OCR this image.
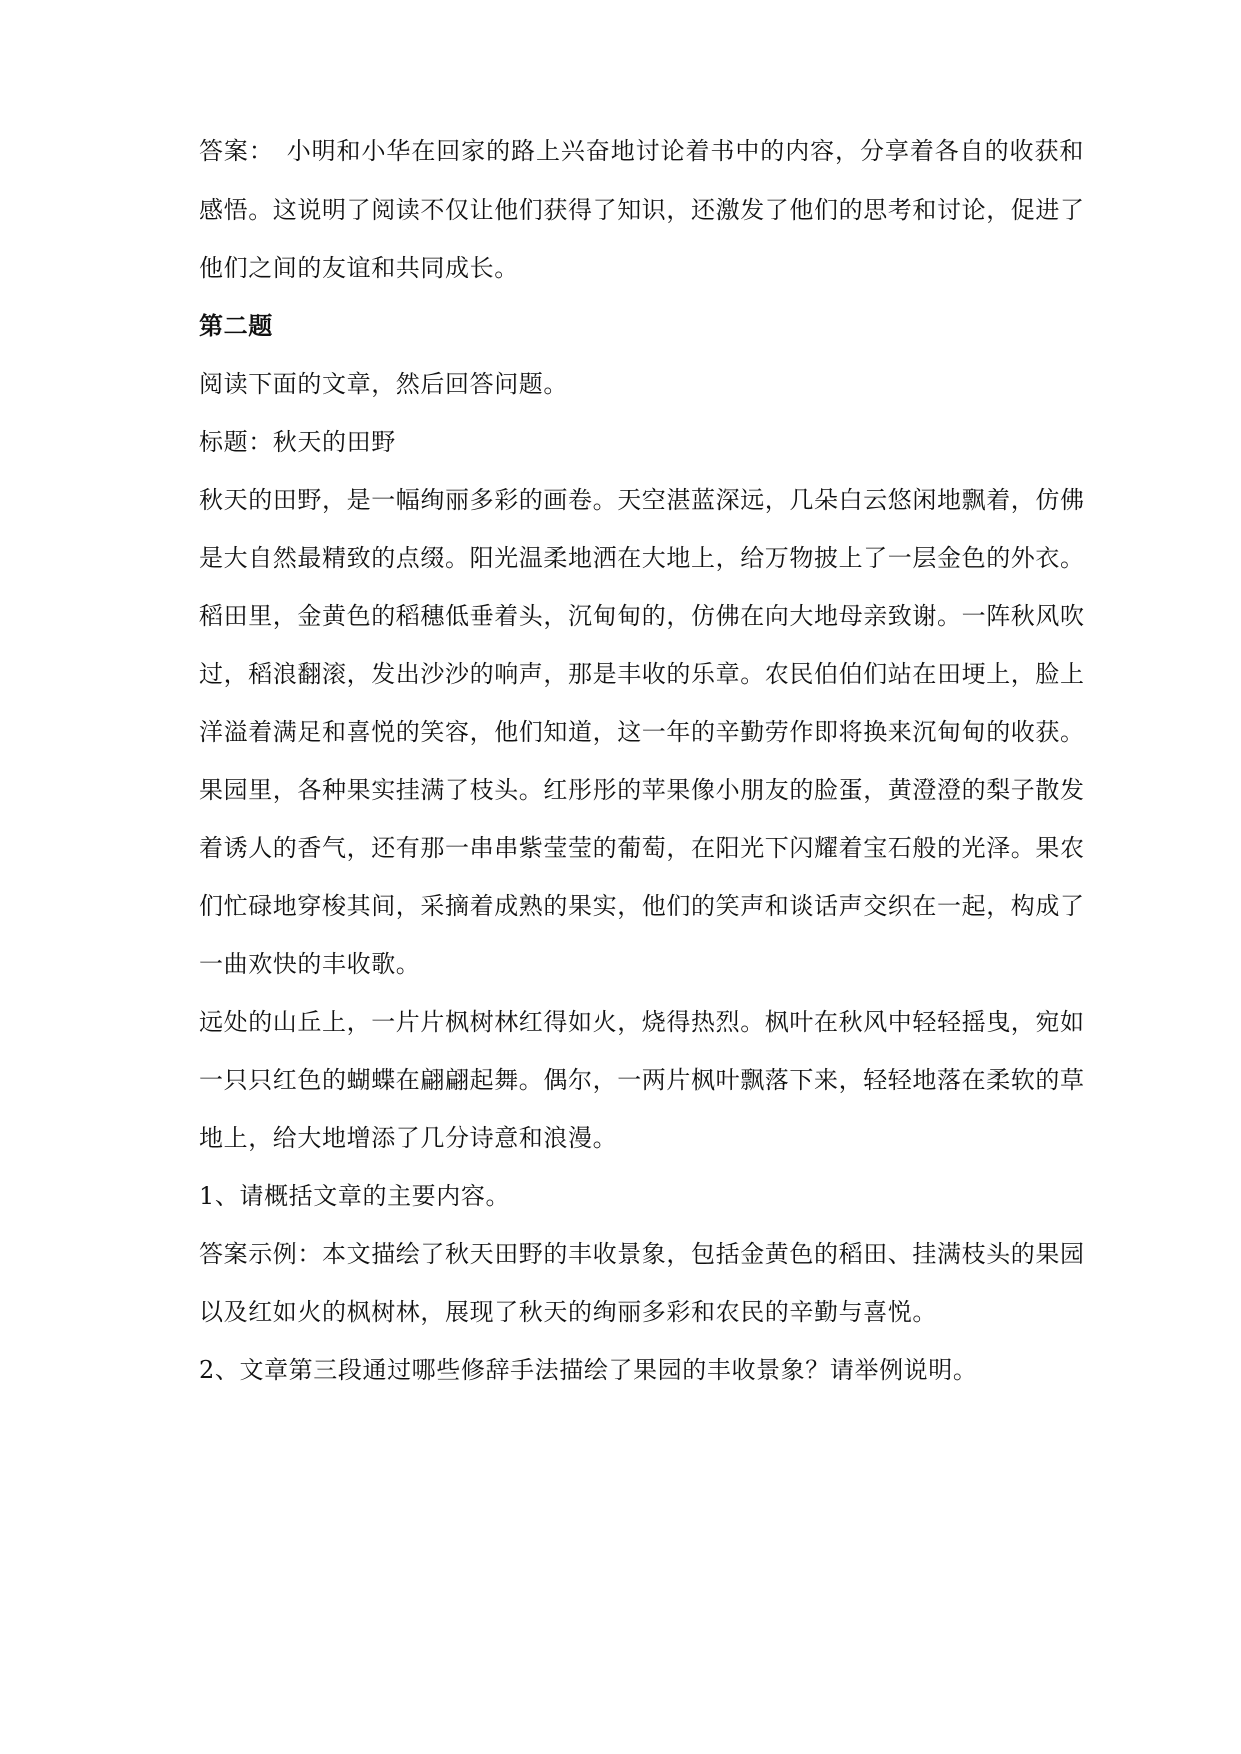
答案：　小明和小华在回家的路上兴奋地讨论着书中的内容，分享着各自的收获和
感悟。这说明了阅读不仅让他们获得了知识，还激发了他们的思考和讨论，促进了
他们之间的友谊和共同成长。
第二题
阅读下面的文章，然后回答问题。
标题：秋天的田野
秋天的田野，是一幅绚丽多彩的画卷。天空湛蓝深远，几朵白云悠闲地飘着，仿佛
是大自然最精致的点缀。阳光温柔地洒在大地上，给万物披上了一层金色的外衣。
稻田里，金黄色的稻穗低垂着头，沉甸甸的，仿佛在向大地母亲致谢。一阵秋风吹
过，稻浪翻滚，发出沙沙的响声，那是丰收的乐章。农民伯伯们站在田埂上，脸上
洋溢着满足和喜悦的笑容，他们知道，这一年的辛勤劳作即将换来沉甸甸的收获。
果园里，各种果实挂满了枝头。红彤彤的苹果像小朋友的脸蛋，黄澄澄的梨子散发
着诱人的香气，还有那一串串紫莹莹的葡萄，在阳光下闪耀着宝石般的光泽。果农
们忙碌地穿梭其间，采摘着成熟的果实，他们的笑声和谈话声交织在一起，构成了
一曲欢快的丰收歌。
远处的山丘上，一片片枫树林红得如火，烧得热烈。枫叶在秋风中轻轻摇曳，宛如
一只只红色的蝴蝶在翩翩起舞。偶尔，一两片枫叶飘落下来，轻轻地落在柔软的草
地上，给大地增添了几分诗意和浪漫。
1、请概括文章的主要内容。
答案示例：本文描绘了秋天田野的丰收景象，包括金黄色的稻田、挂满枝头的果园
以及红如火的枫树林，展现了秋天的绚丽多彩和农民的辛勤与喜悦。
2、文章第三段通过哪些修辞手法描绘了果园的丰收景象？请举例说明。
